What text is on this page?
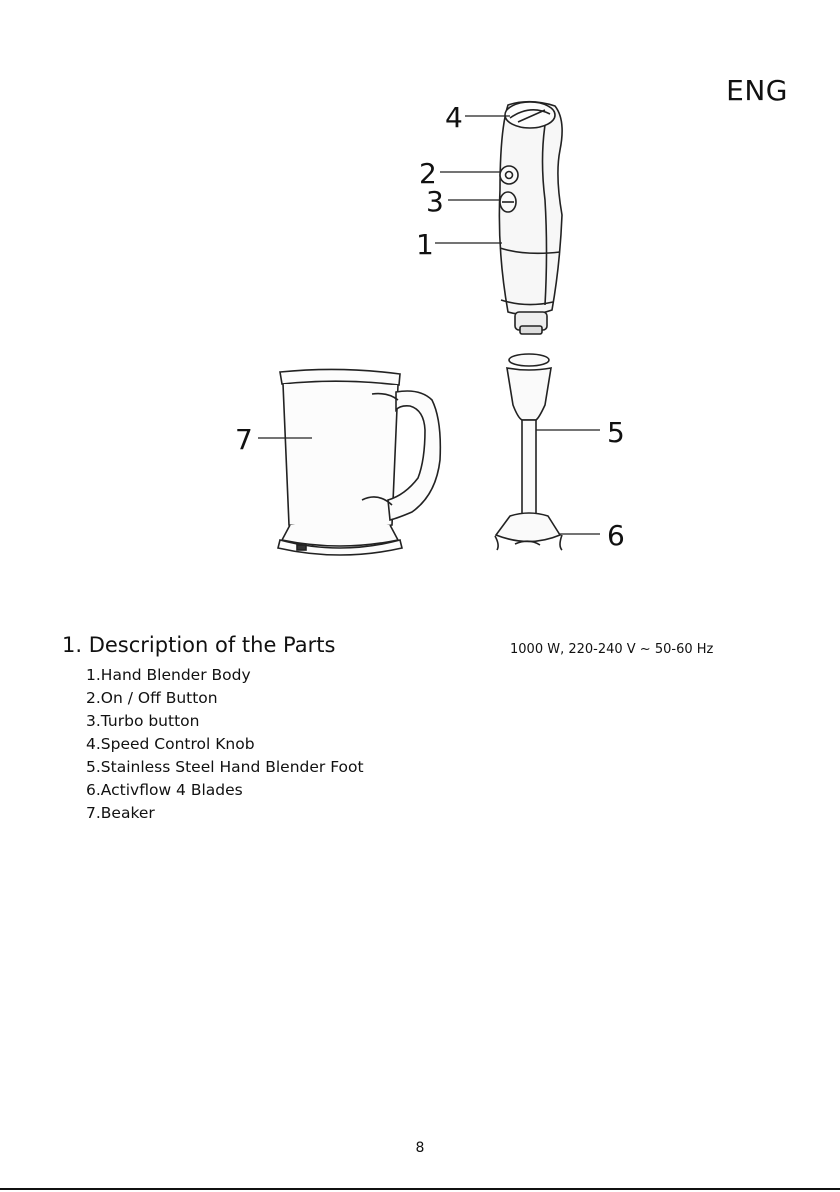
ENG
4
2
3
1
5
6
7
1. Description of the Parts	1000 W, 220-240 V ~ 50-60 Hz
1.Hand Blender Body
2.On / Off Button
3.Turbo button
4.Speed Control Knob
5.Stainless Steel Hand Blender Foot
6.Activflow 4 Blades
7.Beaker
8
